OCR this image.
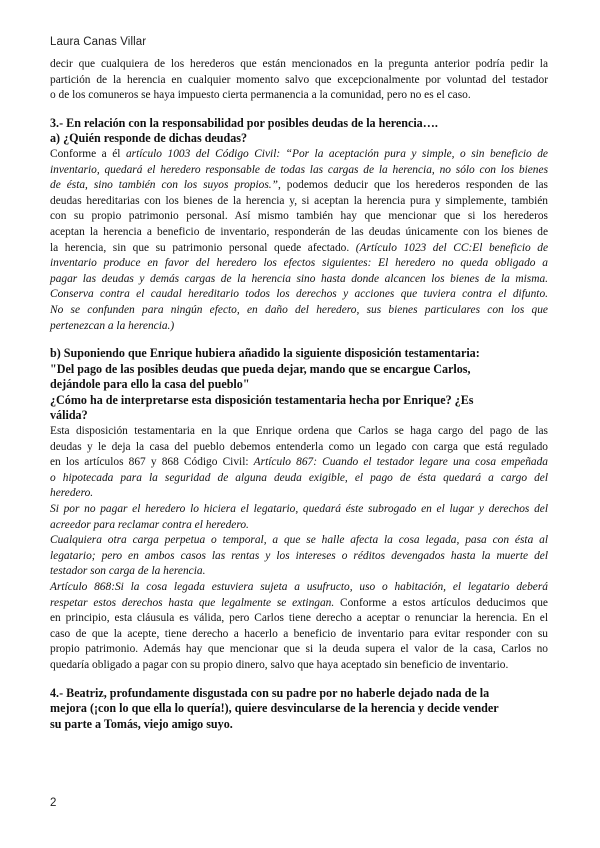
Laura Canas Villar
decir que cualquiera de los herederos que están mencionados en la pregunta anterior podría pedir la
partición de la herencia en cualquier momento salvo que excepcionalmente por voluntad del testador
o de los comuneros se haya impuesto cierta permanencia a la comunidad, pero no es el caso.
3.- En relación con la responsabilidad por posibles deudas de la herencia….
a) ¿Quién responde de dichas deudas?
Conforme a él artículo 1003 del Código Civil: “Por la aceptación pura y simple, o sin beneficio de
inventario, quedará el heredero responsable de todas las cargas de la herencia, no sólo con los bienes
de ésta, sino también con los suyos propios.”, podemos deducir que los herederos responden de las
deudas hereditarias con los bienes de la herencia y, si aceptan la herencia pura y simplemente, también
con su propio patrimonio personal. Así mismo también hay que mencionar que si los herederos
aceptan la herencia a beneficio de inventario, responderán de las deudas únicamente con los bienes de
la herencia, sin que su patrimonio personal quede afectado. (Artículo 1023 del CC:El beneficio de
inventario produce en favor del heredero los efectos siguientes: El heredero no queda obligado a
pagar las deudas y demás cargas de la herencia sino hasta donde alcancen los bienes de la misma.
Conserva contra el caudal hereditario todos los derechos y acciones que tuviera contra el difunto.
No se confunden para ningún efecto, en daño del heredero, sus bienes particulares con los que
pertenezcan a la herencia.)
b) Suponiendo que Enrique hubiera añadido la siguiente disposición testamentaria:
"Del pago de las posibles deudas que pueda dejar, mando que se encargue Carlos,
dejándole para ello la casa del pueblo"
¿Cómo ha de interpretarse esta disposición testamentaria hecha por Enrique? ¿Es
válida?
Esta disposición testamentaria en la que Enrique ordena que Carlos se haga cargo del pago de las
deudas y le deja la casa del pueblo debemos entenderla como un legado con carga que está regulado
en los artículos 867 y 868 Código Civil: Artículo 867: Cuando el testador legare una cosa empeñada
o hipotecada para la seguridad de alguna deuda exigible, el pago de ésta quedará a cargo del
heredero.
Si por no pagar el heredero lo hiciera el legatario, quedará éste subrogado en el lugar y derechos del
acreedor para reclamar contra el heredero.
Cualquiera otra carga perpetua o temporal, a que se halle afecta la cosa legada, pasa con ésta al
legatario; pero en ambos casos las rentas y los intereses o réditos devengados hasta la muerte del
testador son carga de la herencia.
Artículo 868:Si la cosa legada estuviera sujeta a usufructo, uso o habitación, el legatario deberá
respetar estos derechos hasta que legalmente se extingan. Conforme a estos artículos deducimos que
en principio, esta cláusula es válida, pero Carlos tiene derecho a aceptar o renunciar la herencia. En el
caso de que la acepte, tiene derecho a hacerlo a beneficio de inventario para evitar responder con su
propio patrimonio. Además hay que mencionar que si la deuda supera el valor de la casa, Carlos no
quedaría obligado a pagar con su propio dinero, salvo que haya aceptado sin beneficio de inventario.
4.- Beatriz, profundamente disgustada con su padre por no haberle dejado nada de la
mejora (¡con lo que ella lo quería!), quiere desvincularse de la herencia y decide vender
su parte a Tomás, viejo amigo suyo.
2
